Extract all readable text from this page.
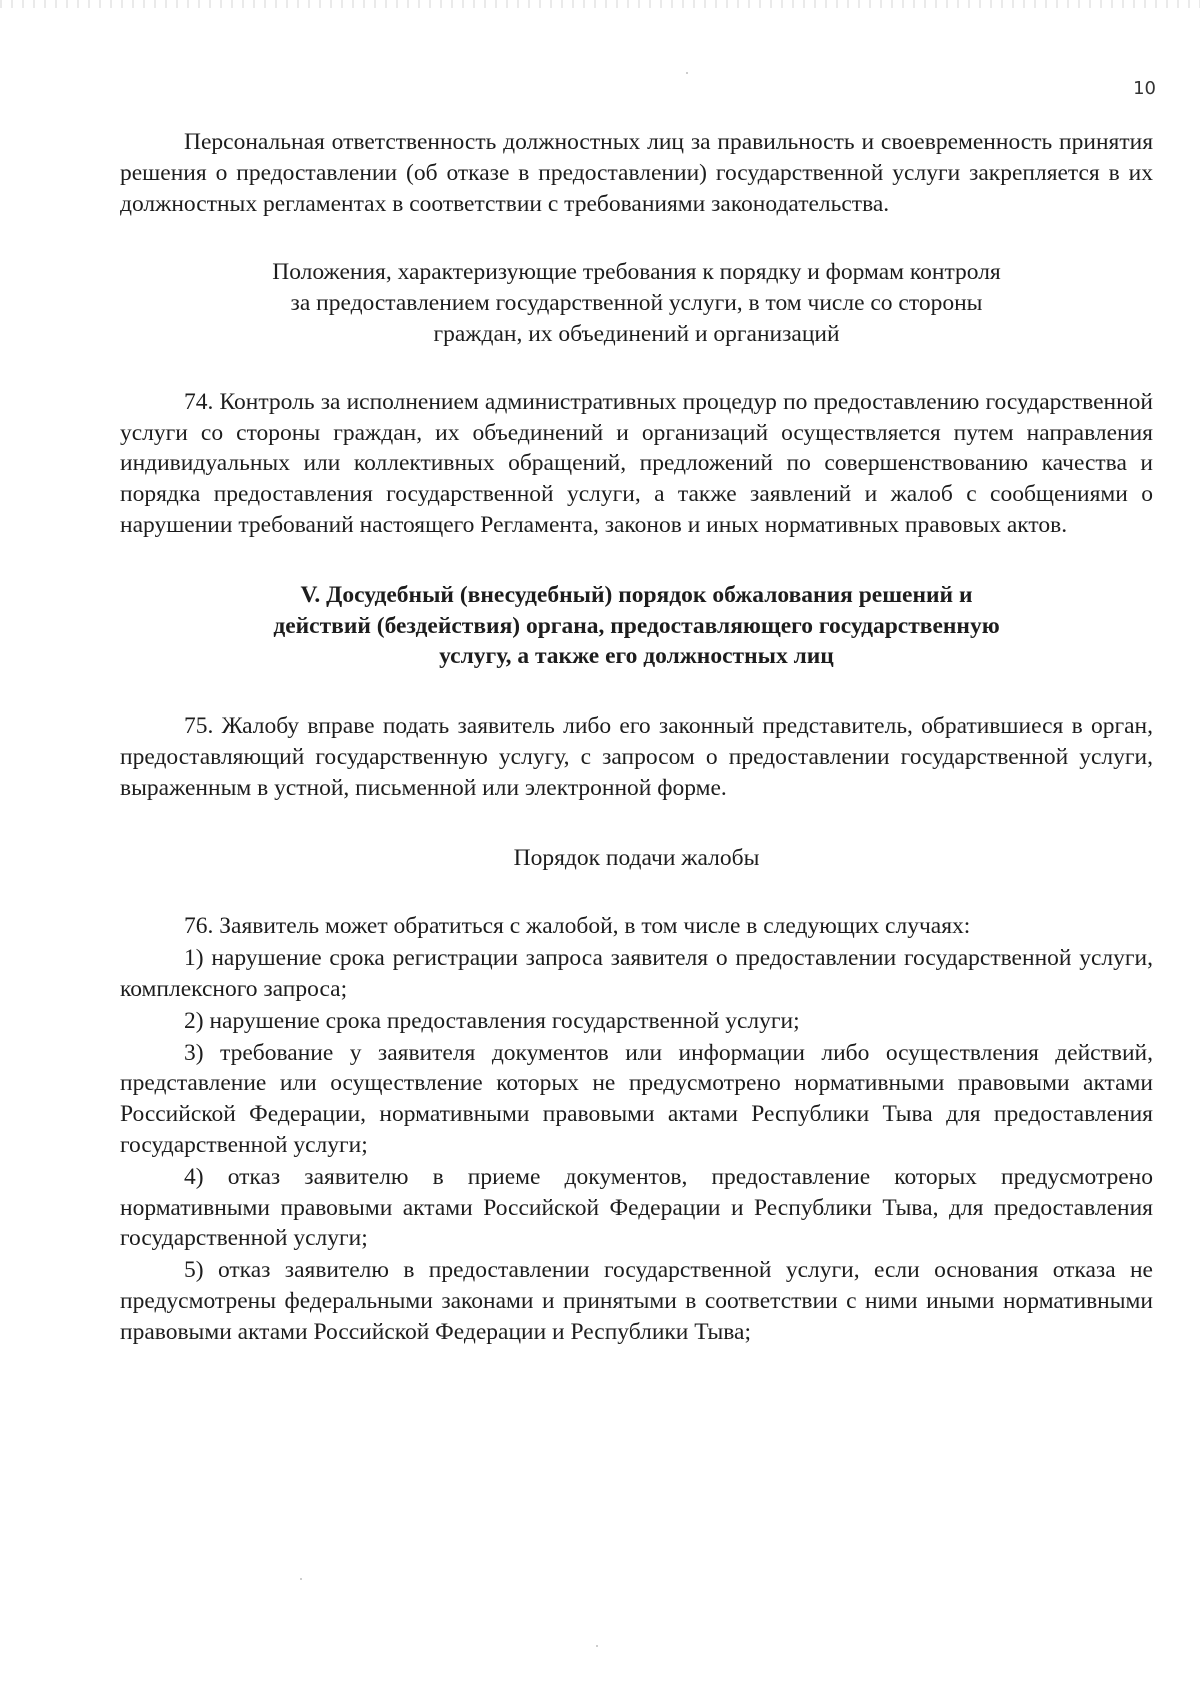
10

Персональная ответственность должностных лиц за правильность и своевременность принятия решения о предоставлении (об отказе в предоставлении) государственной услуги закрепляется в их должностных регламентах в соответствии с требованиями законодательства.

Положения, характеризующие требования к порядку и формам контроля за предоставлением государственной услуги, в том числе со стороны граждан, их объединений и организаций

74. Контроль за исполнением административных процедур по предоставлению государственной услуги со стороны граждан, их объединений и организаций осуществляется путем направления индивидуальных или коллективных обращений, предложений по совершенствованию качества и порядка предоставления государственной услуги, а также заявлений и жалоб с сообщениями о нарушении требований настоящего Регламента, законов и иных нормативных правовых актов.

V. Досудебный (внесудебный) порядок обжалования решений и действий (бездействия) органа, предоставляющего государственную услугу, а также его должностных лиц

75. Жалобу вправе подать заявитель либо его законный представитель, обратившиеся в орган, предоставляющий государственную услугу, с запросом о предоставлении государственной услуги, выраженным в устной, письменной или электронной форме.

Порядок подачи жалобы

76. Заявитель может обратиться с жалобой, в том числе в следующих случаях:

1) нарушение срока регистрации запроса заявителя о предоставлении государственной услуги, комплексного запроса;

2) нарушение срока предоставления государственной услуги;

3) требование у заявителя документов или информации либо осуществления действий, представление или осуществление которых не предусмотрено нормативными правовыми актами Российской Федерации, нормативными правовыми актами Республики Тыва для предоставления государственной услуги;

4) отказ заявителю в приеме документов, предоставление которых предусмотрено нормативными правовыми актами Российской Федерации и Республики Тыва, для предоставления государственной услуги;

5) отказ заявителю в предоставлении государственной услуги, если основания отказа не предусмотрены федеральными законами и принятыми в соответствии с ними иными нормативными правовыми актами Российской Федерации и Республики Тыва;
